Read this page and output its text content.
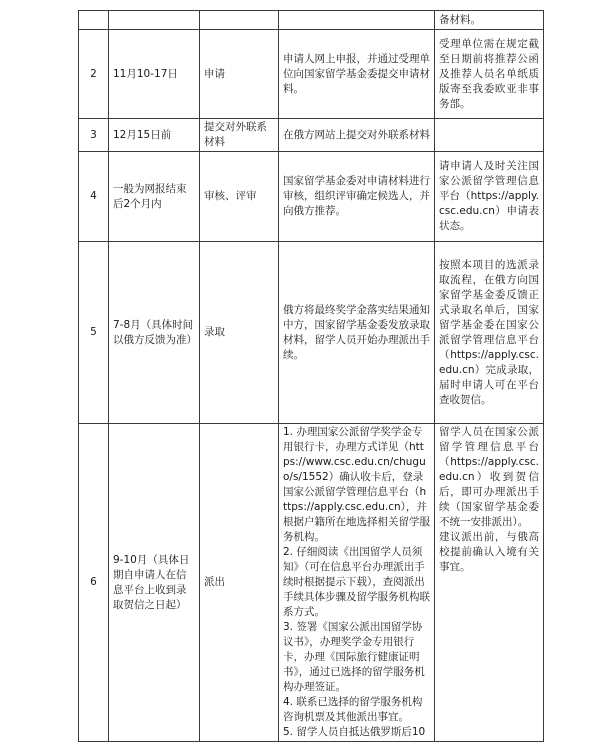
				备材料。

2	11月10-17日	申请	申请人网上申报，并通过受理单位向国家留学基金委提交申请材料。	受理单位需在规定截至日期前将推荐公函及推荐人员名单纸质版寄至我委欧亚非事务部。

3	12月15日前	提交对外联系材料	在俄方网站上提交对外联系材料	

4	一般为网报结束后2个月内	审核、评审	国家留学基金委对申请材料进行审核，组织评审确定候选人，并向俄方推荐。	请申请人及时关注国家公派留学管理信息平台（https://apply.csc.edu.cn）申请表状态。

5	7-8月（具体时间以俄方反馈为准）	录取	俄方将最终奖学金落实结果通知中方，国家留学基金委发放录取材料，留学人员开始办理派出手续。	按照本项目的选派录取流程，在俄方向国家留学基金委反馈正式录取名单后，国家留学基金委在国家公派留学管理信息平台（https://apply.csc.edu.cn）完成录取，届时申请人可在平台查收贺信。

6	9-10月（具体日期自申请人在信息平台上收到录取贺信之日起）	派出	1. 办理国家公派留学奖学金专用银行卡，办理方式详见（https://www.csc.edu.cn/chuguo/s/1552）确认收卡后，登录国家公派留学管理信息平台（https://apply.csc.edu.cn），并根据户籍所在地选择相关留学服务机构。
2. 仔细阅读《出国留学人员须知》（可在信息平台办理派出手续时根据提示下载），查阅派出手续具体步骤及留学服务机构联系方式。
3. 签署《国家公派出国留学协议书》，办理奖学金专用银行卡，办理《国际旅行健康证明书》，通过已选择的留学服务机构办理签证。
4. 联系已选择的留学服务机构咨询机票及其他派出事宜。
5. 留学人员自抵达俄罗斯后10	留学人员在国家公派留学管理信息平台（https://apply.csc.edu.cn）收到贺信后，即可办理派出手续（国家留学基金委不统一安排派出）。
建议派出前，与俄高校提前确认入境有关事宜。
